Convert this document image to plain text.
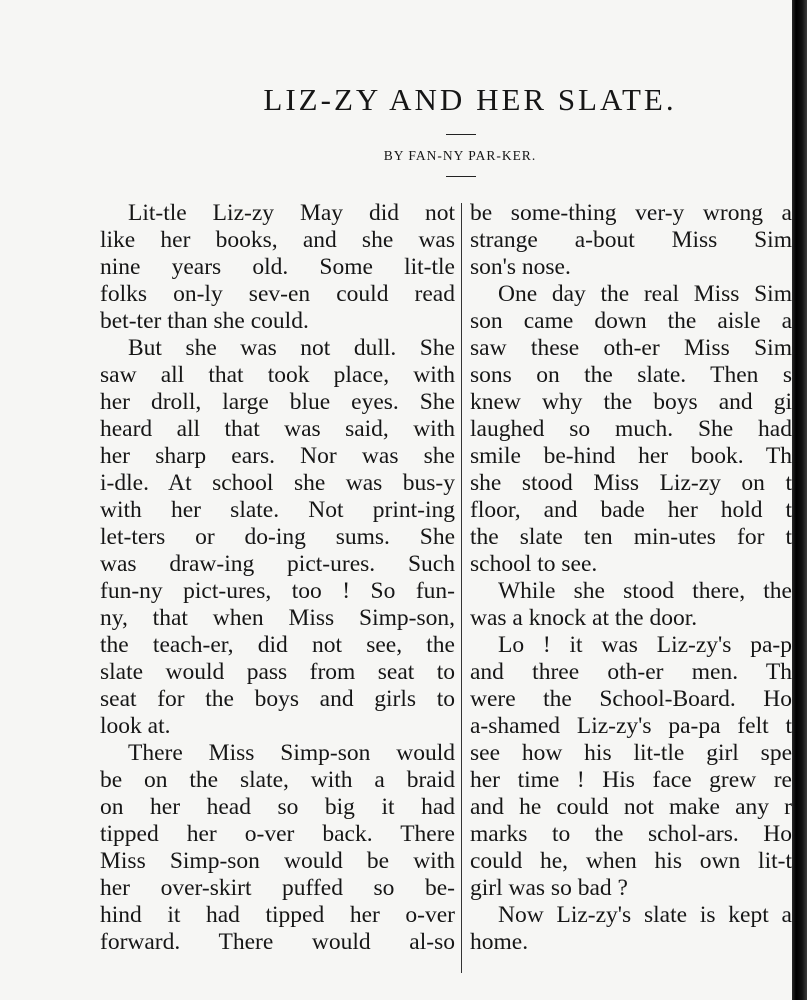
LIZ-ZY AND HER SLATE.
BY FAN-NY PAR-KER.
Lit-tle Liz-zy May did not
like her books, and she was
nine years old. Some lit-tle
folks on-ly sev-en could read
bet-ter than she could.
But she was not dull. She
saw all that took place, with
her droll, large blue eyes. She
heard all that was said, with
her sharp ears. Nor was she
i-dle. At school she was bus-y
with her slate. Not print-ing
let-ters or do-ing sums. She
was draw-ing pict-ures. Such
fun-ny pict-ures, too ! So fun-
ny, that when Miss Simp-son,
the teach-er, did not see, the
slate would pass from seat to
seat for the boys and girls to
look at.
There Miss Simp-son would
be on the slate, with a braid
on her head so big it had
tipped her o-ver back. There
Miss Simp-son would be with
her over-skirt puffed so be-
hind it had tipped her o-ver
forward. There would al-so
be some-thing ver-y wrong a
strange a-bout Miss Sim
son's nose.
One day the real Miss Sim
son came down the aisle a
saw these oth-er Miss Sim
sons on the slate. Then s
knew why the boys and gi
laughed so much. She had
smile be-hind her book. Th
she stood Miss Liz-zy on t
floor, and bade her hold t
the slate ten min-utes for t
school to see.
While she stood there, the
was a knock at the door.
Lo ! it was Liz-zy's pa-p
and three oth-er men. Th
were the School-Board. Ho
a-shamed Liz-zy's pa-pa felt t
see how his lit-tle girl spe
her time ! His face grew re
and he could not make any r
marks to the schol-ars. Ho
could he, when his own lit-t
girl was so bad ?
Now Liz-zy's slate is kept a
home.
